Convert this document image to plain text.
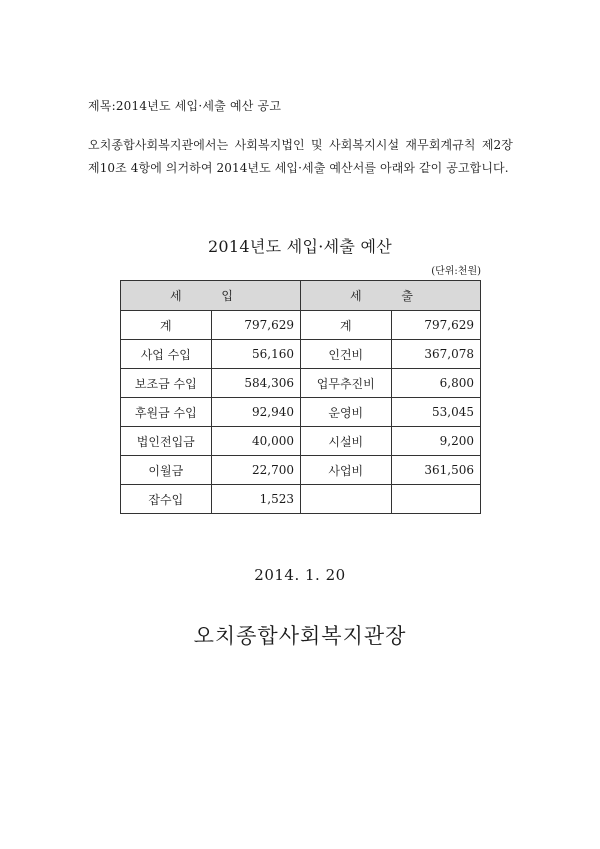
제목:2014년도 세입·세출 예산 공고
오치종합사회복지관에서는 사회복지법인 및 사회복지시설 재무회계규칙 제2장 제10조 4항에 의거하여 2014년도 세입·세출 예산서를 아래와 같이 공고합니다.
2014년도 세입·세출 예산
(단위:천원)
세 입		세 출	
계	797,629	계	797,629
사업 수입	56,160	인건비	367,078
보조금 수입	584,306	업무추진비	6,800
후원금 수입	92,940	운영비	53,045
법인전입금	40,000	시설비	9,200
이월금	22,700	사업비	361,506
잡수입	1,523		
2014. 1. 20
오치종합사회복지관장
